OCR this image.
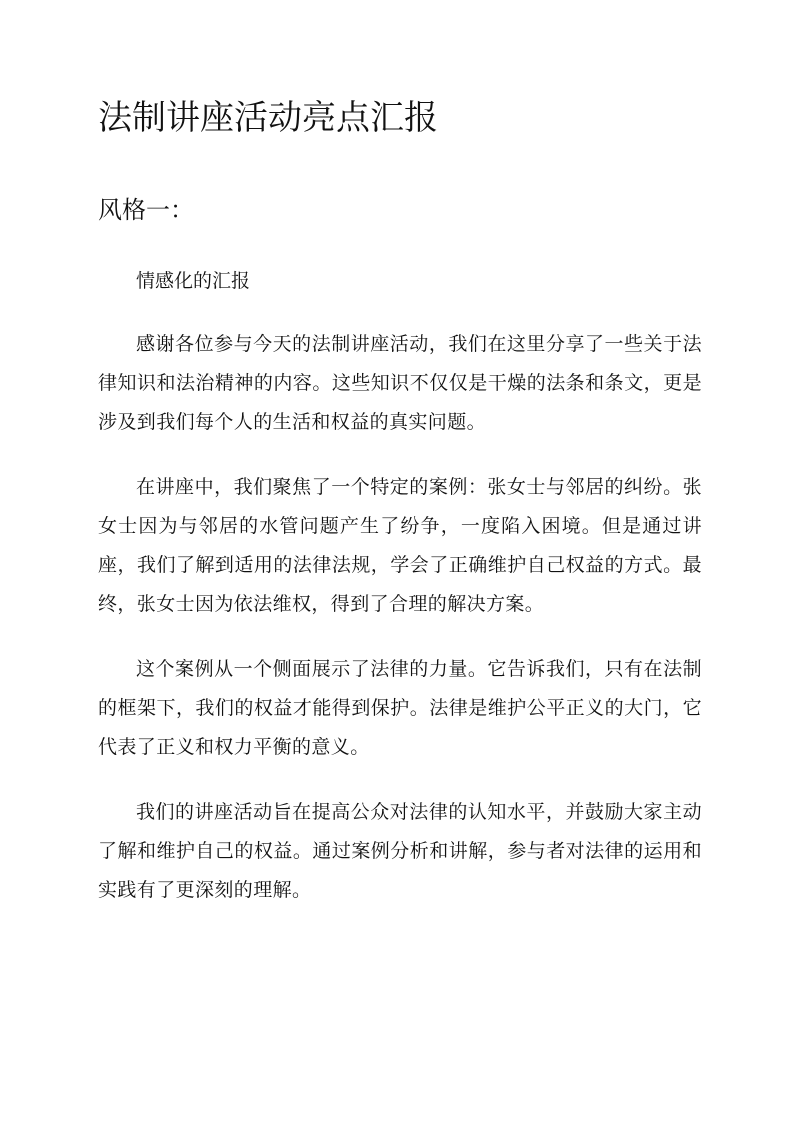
法制讲座活动亮点汇报
风格一：

情感化的汇报

感谢各位参与今天的法制讲座活动，我们在这里分享了一些关于法律知识和法治精神的内容。这些知识不仅仅是干燥的法条和条文，更是涉及到我们每个人的生活和权益的真实问题。

在讲座中，我们聚焦了一个特定的案例：张女士与邻居的纠纷。张女士因为与邻居的水管问题产生了纷争，一度陷入困境。但是通过讲座，我们了解到适用的法律法规，学会了正确维护自己权益的方式。最终，张女士因为依法维权，得到了合理的解决方案。

这个案例从一个侧面展示了法律的力量。它告诉我们，只有在法制的框架下，我们的权益才能得到保护。法律是维护公平正义的大门，它代表了正义和权力平衡的意义。

我们的讲座活动旨在提高公众对法律的认知水平，并鼓励大家主动了解和维护自己的权益。通过案例分析和讲解，参与者对法律的运用和实践有了更深刻的理解。
